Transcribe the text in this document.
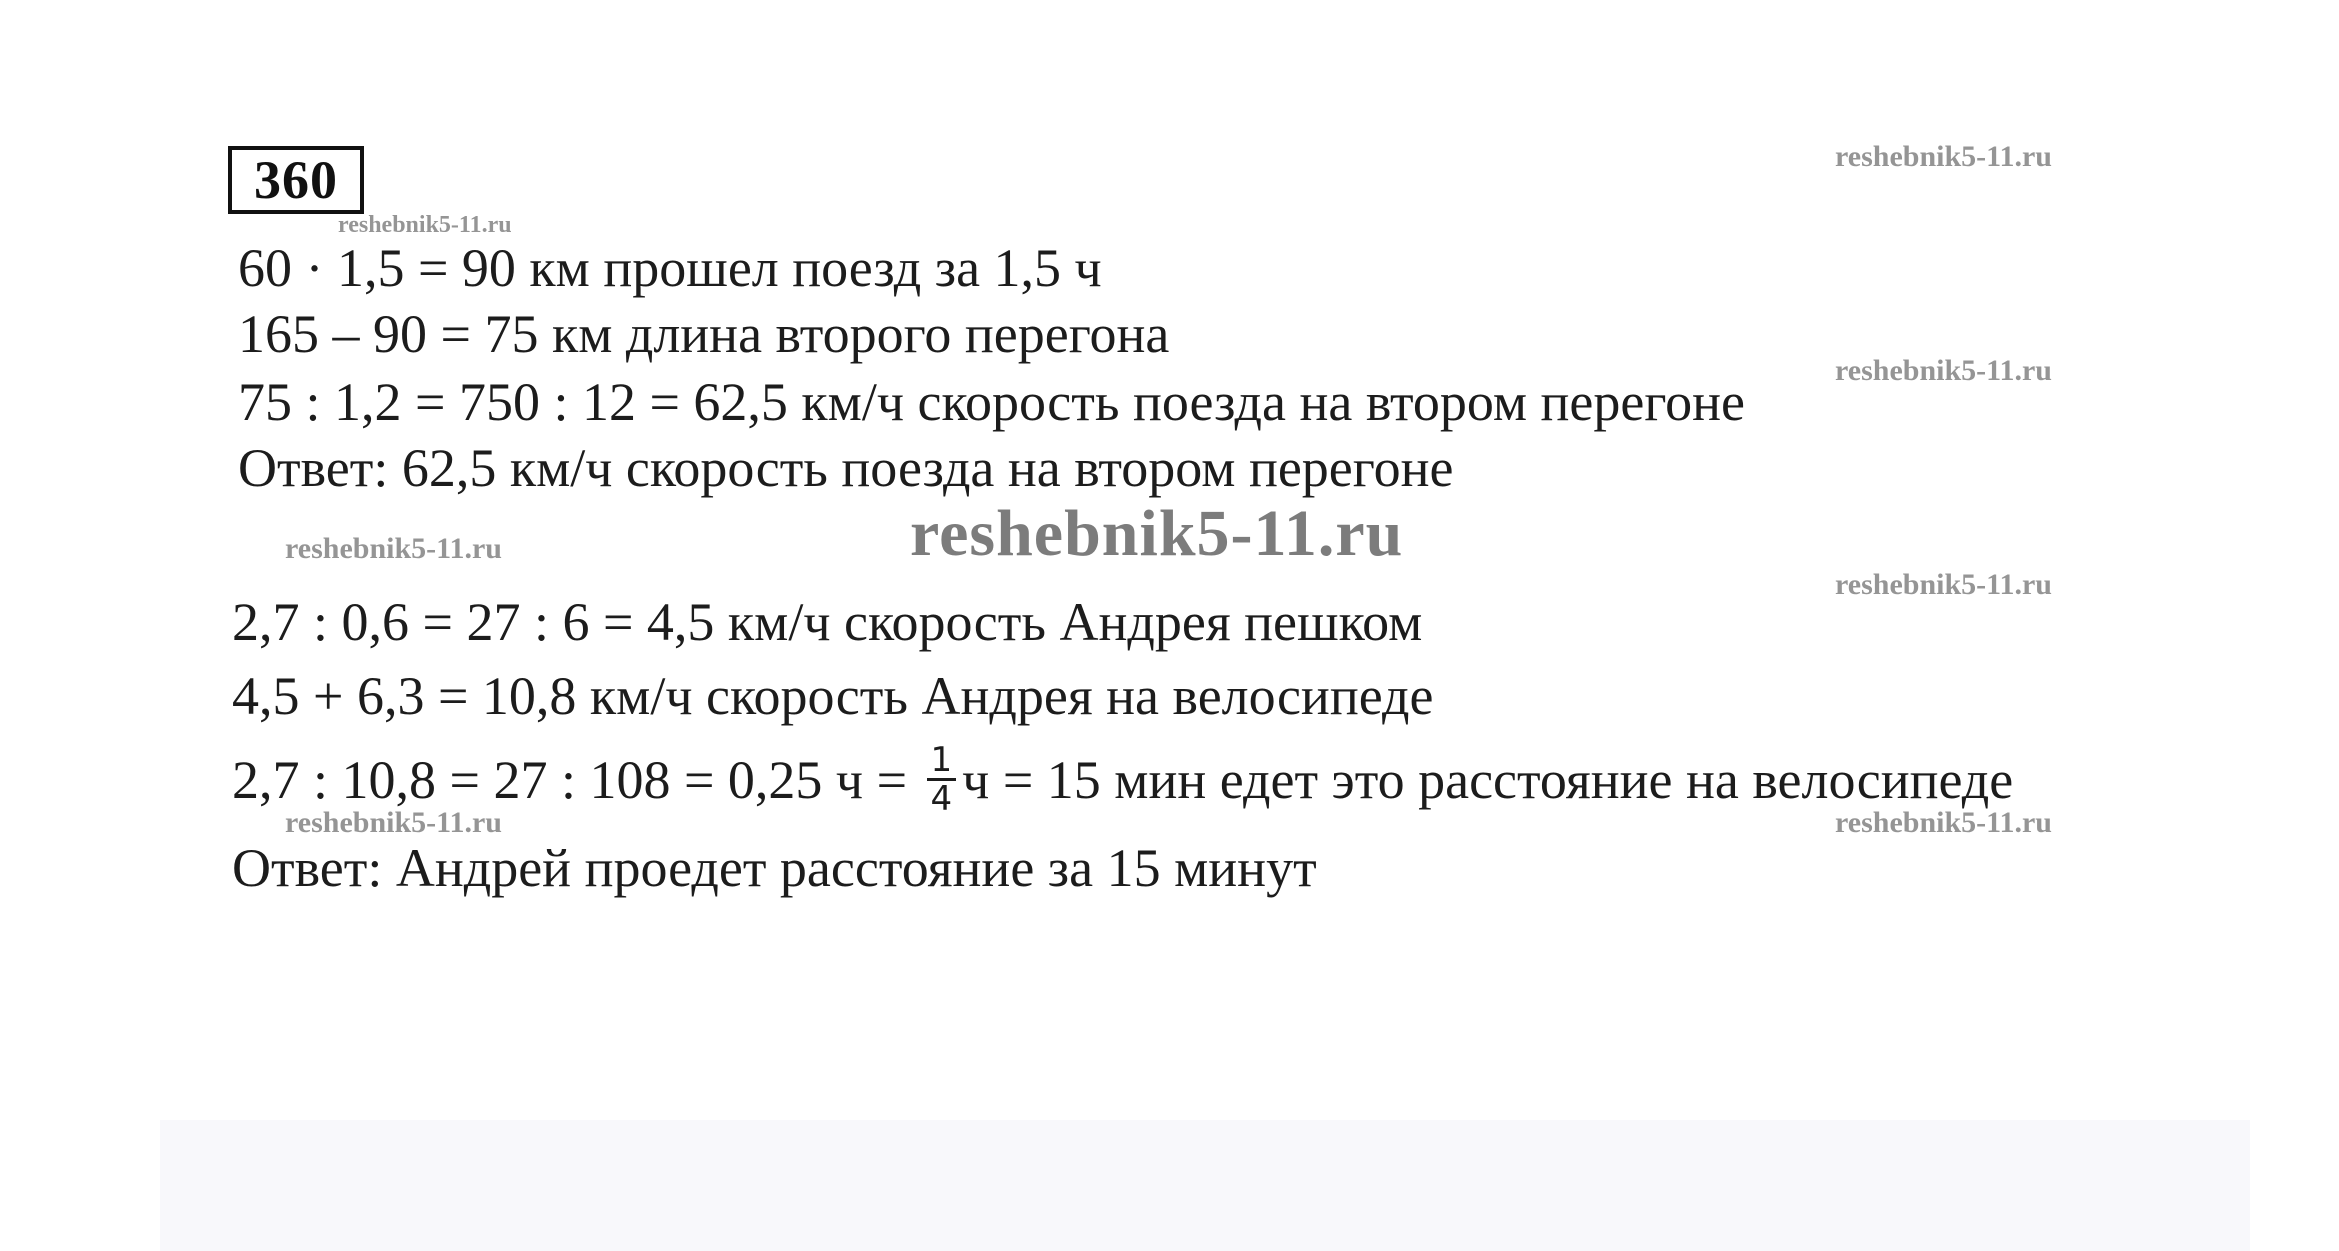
360	reshebnik5-11.ru
reshebnik5-11.ru
reshebnik5-11.ru
reshebnik5-11.ru	reshebnik5-11.ru
reshebnik5-11.ru
reshebnik5-11.ru	reshebnik5-11.ru
60 · 1,5 = 90 км прошел поезд за 1,5 ч
165 – 90 = 75 км длина второго перегона
75 : 1,2 = 750 : 12 = 62,5 км/ч скорость поезда на втором перегоне
Ответ: 62,5 км/ч скорость поезда на втором перегоне
2,7 : 0,6 = 27 : 6 = 4,5 км/ч скорость Андрея пешком
4,5 + 6,3 = 10,8 км/ч скорость Андрея на велосипеде
2,7 : 10,8 = 27 : 108 = 0,25 $ч = \frac{1}{4}$ ч = 15 мин едет это расстояние на велосипеде
Ответ: Андрей проедет расстояние за 15 минут
